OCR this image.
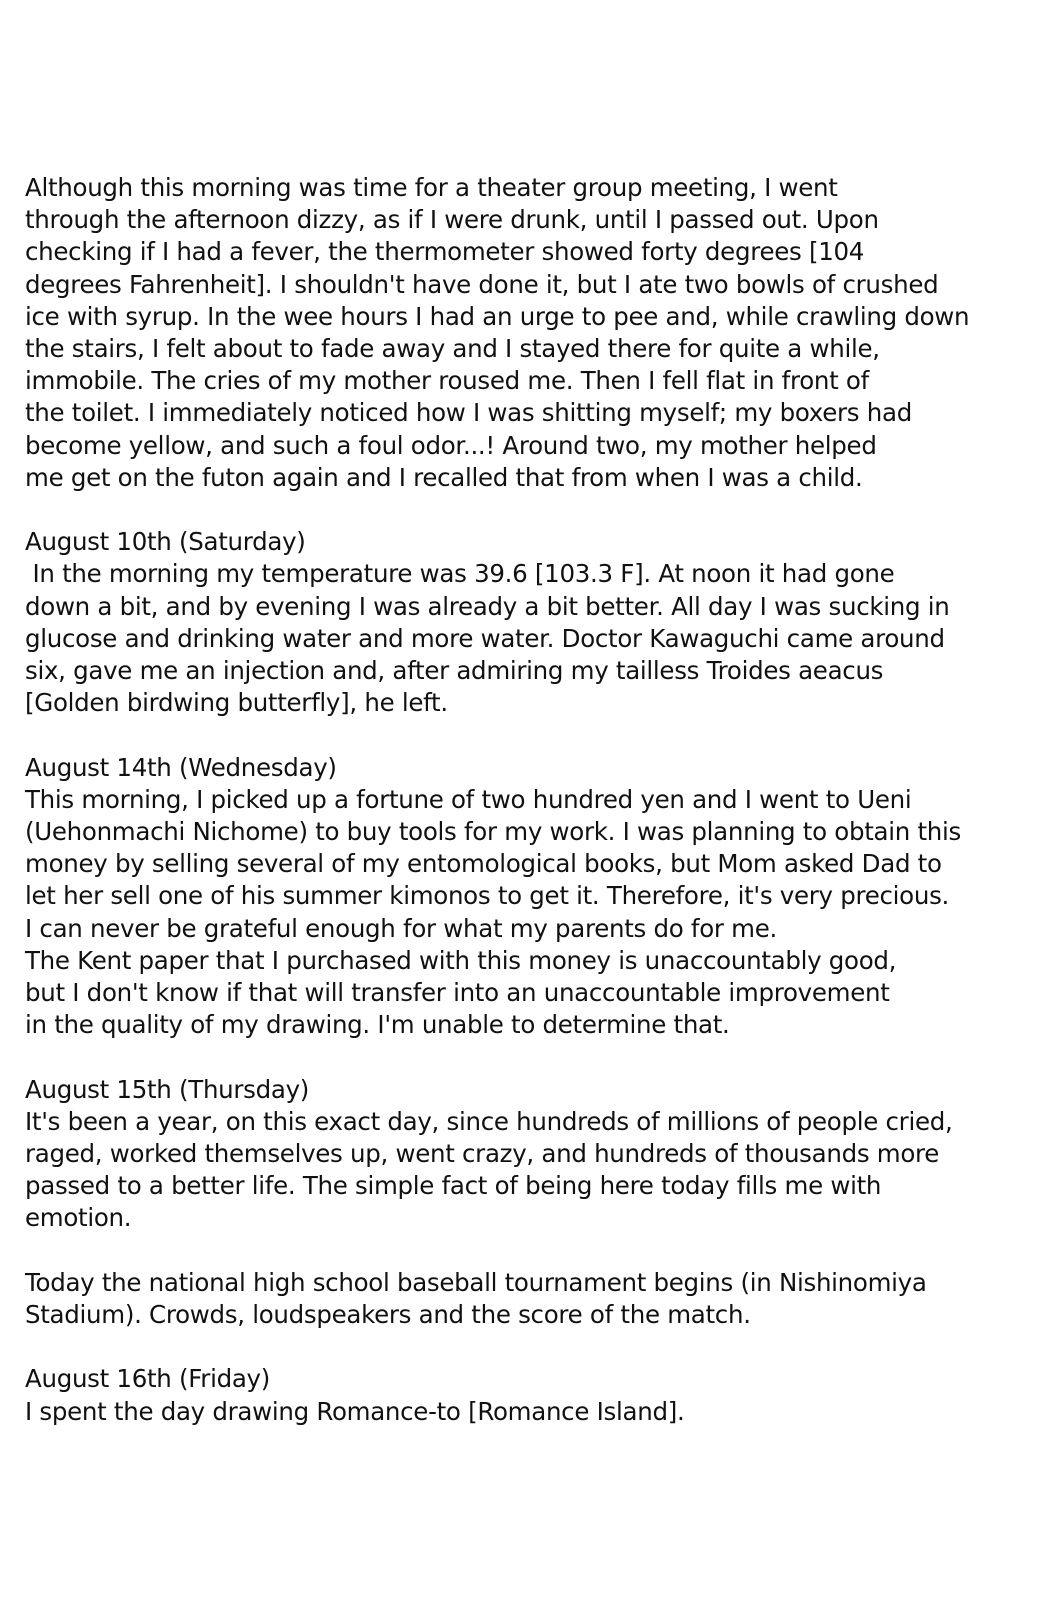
Although this morning was time for a theater group meeting, I went
through the afternoon dizzy, as if I were drunk, until I passed out. Upon
checking if I had a fever, the thermometer showed forty degrees [104
degrees Fahrenheit]. I shouldn't have done it, but I ate two bowls of crushed
ice with syrup. In the wee hours I had an urge to pee and, while crawling down
the stairs, I felt about to fade away and I stayed there for quite a while,
immobile. The cries of my mother roused me. Then I fell flat in front of
the toilet. I immediately noticed how I was shitting myself; my boxers had
become yellow, and such a foul odor...! Around two, my mother helped
me get on the futon again and I recalled that from when I was a child.
August 10th (Saturday)
In the morning my temperature was 39.6 [103.3 F]. At noon it had gone
down a bit, and by evening I was already a bit better. All day I was sucking in
glucose and drinking water and more water. Doctor Kawaguchi came around
six, gave me an injection and, after admiring my tailless Troides aeacus
[Golden birdwing butterfly], he left.
August 14th (Wednesday)
This morning, I picked up a fortune of two hundred yen and I went to Ueni
(Uehonmachi Nichome) to buy tools for my work. I was planning to obtain this
money by selling several of my entomological books, but Mom asked Dad to
let her sell one of his summer kimonos to get it. Therefore, it's very precious.
I can never be grateful enough for what my parents do for me.
The Kent paper that I purchased with this money is unaccountably good,
but I don't know if that will transfer into an unaccountable improvement
in the quality of my drawing. I'm unable to determine that.
August 15th (Thursday)
It's been a year, on this exact day, since hundreds of millions of people cried,
raged, worked themselves up, went crazy, and hundreds of thousands more
passed to a better life. The simple fact of being here today fills me with
emotion.
Today the national high school baseball tournament begins (in Nishinomiya
Stadium). Crowds, loudspeakers and the score of the match.
August 16th (Friday)
I spent the day drawing Romance-to [Romance Island].
